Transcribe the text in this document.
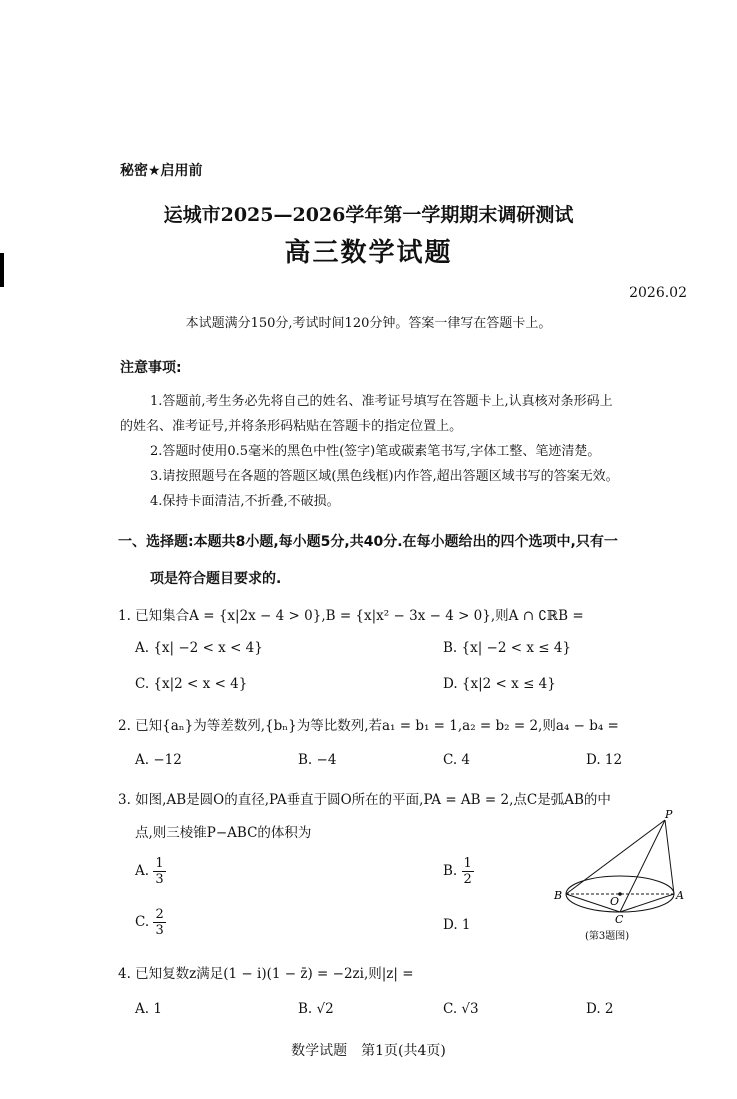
秘密★启用前
运城市2025—2026学年第一学期期末调研测试
高三数学试题
2026.02
本试题满分150分,考试时间120分钟。答案一律写在答题卡上。
注意事项:
1.答题前,考生务必先将自己的姓名、准考证号填写在答题卡上,认真核对条形码上
的姓名、准考证号,并将条形码粘贴在答题卡的指定位置上。
2.答题时使用0.5毫米的黑色中性(签字)笔或碳素笔书写,字体工整、笔迹清楚。
3.请按照题号在各题的答题区域(黑色线框)内作答,超出答题区域书写的答案无效。
4.保持卡面清洁,不折叠,不破损。
一、选择题:本题共8小题,每小题5分,共40分.在每小题给出的四个选项中,只有一
项是符合题目要求的.
1. 已知集合A = {x|2x − 4 > 0},B = {x|x² − 3x − 4 > 0},则A ∩ ∁ℝB =
A. {x| −2 < x < 4}	B. {x| −2 < x ≤ 4}
C. {x|2 < x < 4}	D. {x|2 < x ≤ 4}
2. 已知{aₙ}为等差数列,{bₙ}为等比数列,若a₁ = b₁ = 1,a₂ = b₂ = 2,则a₄ − b₄ =
A. −12	B. −4	C. 4	D. 12
3. 如图,AB是圆O的直径,PA垂直于圆O所在的平面,PA = AB = 2,点C是弧AB的中
点,则三棱锥P−ABC的体积为
A. $\frac{1}{3}$	B. $\frac{1}{2}$
C. $\frac{2}{3}$	D. 1
P
A
B	O
C
(第3题图)
4. 已知复数z满足(1 − i)(1 − z̄) = −2zi,则|z| =
A. 1	B. √2	C. √3	D. 2
数学试题　第1页(共4页)
